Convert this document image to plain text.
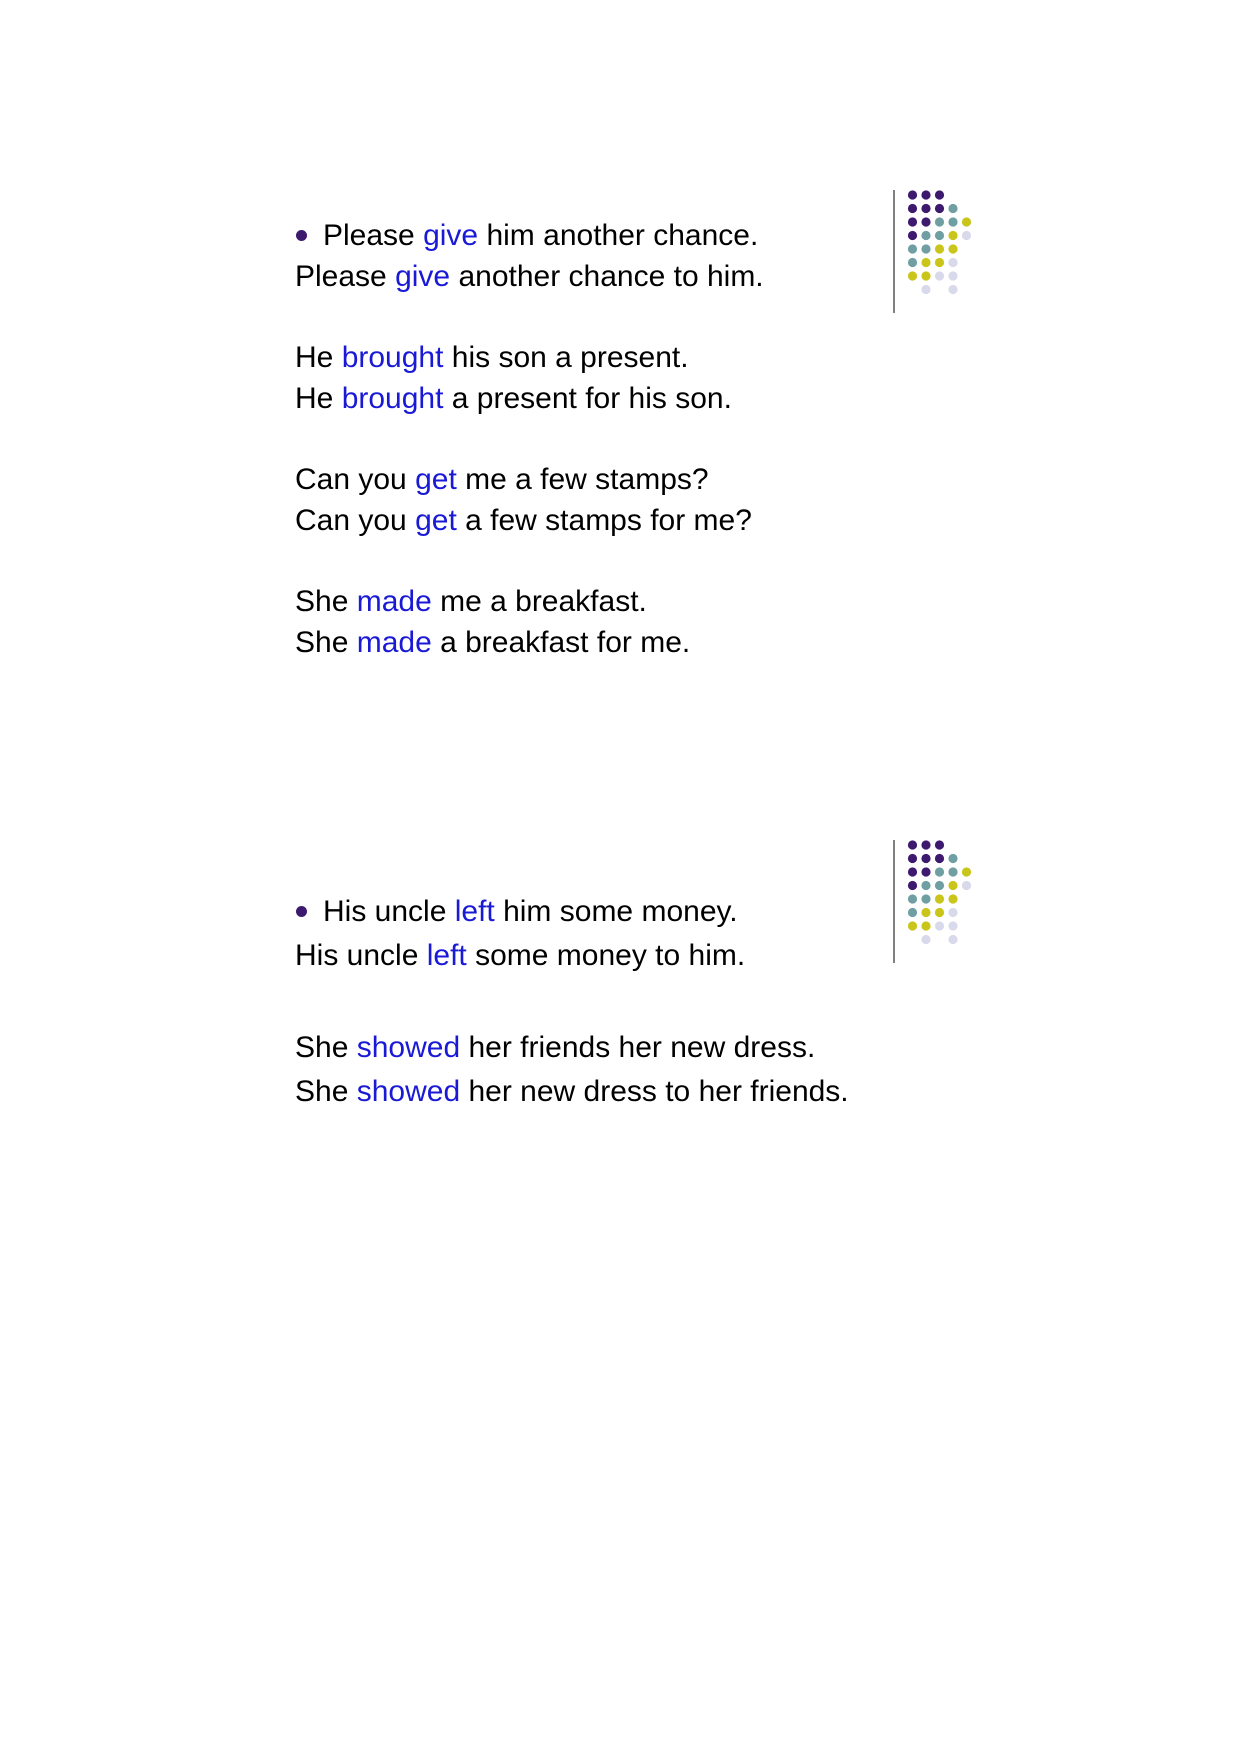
Please give him another chance.
Please give another chance to him.
He brought his son a present.
He brought a present for his son.
Can you get me a few stamps?
Can you get a few stamps for me?
She made me a breakfast.
She made a breakfast for me.
His uncle left him some money.
His uncle left some money to him.
She showed her friends her new dress.
She showed her new dress to her friends.
